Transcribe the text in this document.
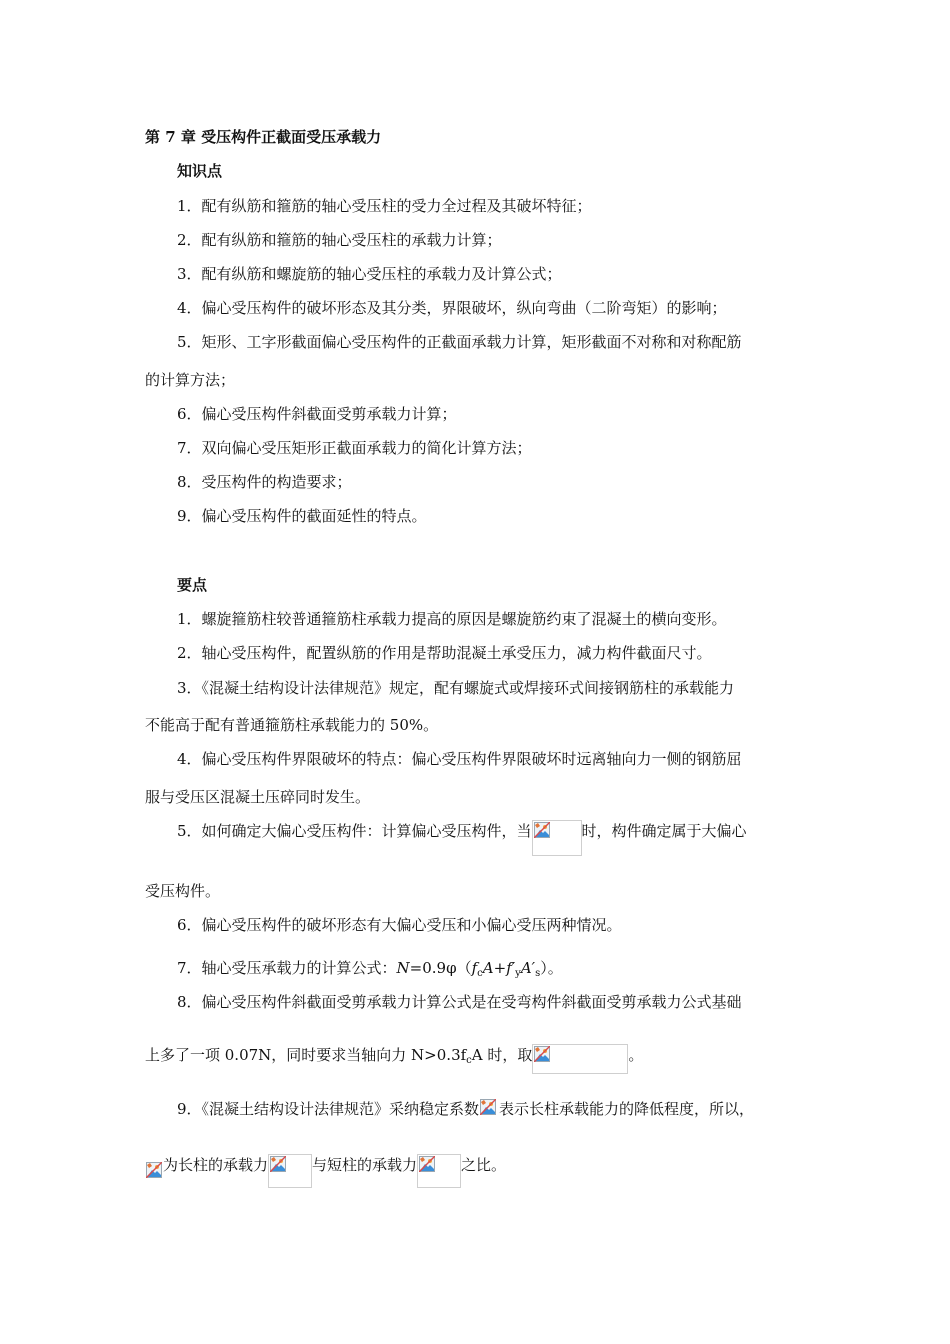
第 7 章 受压构件正截面受压承载力
知识点
1．配有纵筋和箍筋的轴心受压柱的受力全过程及其破坏特征；
2．配有纵筋和箍筋的轴心受压柱的承载力计算；
3．配有纵筋和螺旋筋的轴心受压柱的承载力及计算公式；
4．偏心受压构件的破坏形态及其分类，界限破坏，纵向弯曲（二阶弯矩）的影响；
5．矩形、工字形截面偏心受压构件的正截面承载力计算，矩形截面不对称和对称配筋
的计算方法；
6．偏心受压构件斜截面受剪承载力计算；
7．双向偏心受压矩形正截面承载力的简化计算方法；
8．受压构件的构造要求；
9．偏心受压构件的截面延性的特点。
要点
1．螺旋箍筋柱较普通箍筋柱承载力提高的原因是螺旋筋约束了混凝土的横向变形。
2．轴心受压构件，配置纵筋的作用是帮助混凝土承受压力，减力构件截面尺寸。
3．《混凝土结构设计法律规范》规定，配有螺旋式或焊接环式间接钢筋柱的承载能力
不能高于配有普通箍筋柱承载能力的 50%。
4．偏心受压构件界限破坏的特点：偏心受压构件界限破坏时远离轴向力一侧的钢筋屈
服与受压区混凝土压碎同时发生。
5．如何确定大偏心受压构件：计算偏心受压构件，当	时，构件确定属于大偏心
受压构件。
6．偏心受压构件的破坏形态有大偏心受压和小偏心受压两种情况。
7．轴心受压承载力的计算公式：$N=0.9\varphi(f_cA+f'_yA'_s)$。
8．偏心受压构件斜截面受剪承载力计算公式是在受弯构件斜截面受剪承载力公式基础
上多了一项 0.07N，同时要求当轴向力 $N>0.3f_cA$ 时，取	。
9．《混凝土结构设计法律规范》采纳稳定系数 表示长柱承载能力的降低程度，所以，
为长柱的承载力	与短柱的承载力	之比。
